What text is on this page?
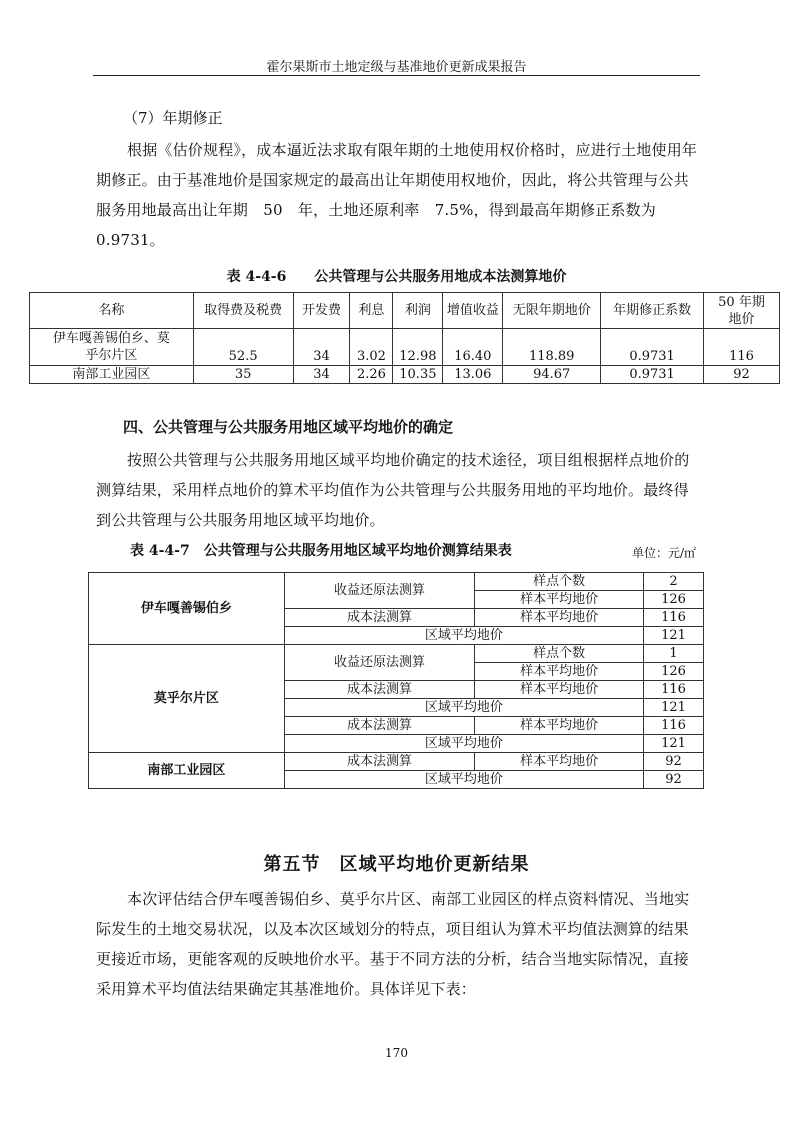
霍尔果斯市土地定级与基准地价更新成果报告
（7）年期修正
根据《估价规程》，成本逼近法求取有限年期的土地使用权价格时，应进行土地使用年期修正。由于基准地价是国家规定的最高出让年期使用权地价，因此，将公共管理与公共服务用地最高出让年期　50　年，土地还原利率　7.5%，得到最高年期修正系数为　0.9731。
表 4-4-6　　公共管理与公共服务用地成本法测算地价
名称	取得费及税费	开发费	利息	利润	增值收益	无限年期地价	年期修正系数	50 年期地价
伊车嘎善锡伯乡、莫乎尔片区	52.5	34	3.02	12.98	16.40	118.89	0.9731	116
南部工业园区	35	34	2.26	10.35	13.06	94.67	0.9731	92
四、公共管理与公共服务用地区域平均地价的确定
按照公共管理与公共服务用地区域平均地价确定的技术途径，项目组根据样点地价的测算结果，采用样点地价的算术平均值作为公共管理与公共服务用地的平均地价。最终得到公共管理与公共服务用地区域平均地价。
表 4-4-7　公共管理与公共服务用地区域平均地价测算结果表	单位：元/㎡
伊车嘎善锡伯乡	收益还原法测算	样点个数	2
		样本平均地价	126
	成本法测算	样本平均地价	116
	区域平均地价		121
莫乎尔片区	收益还原法测算	样点个数	1
		样本平均地价	126
	成本法测算	样本平均地价	116
	区域平均地价		121
	成本法测算	样本平均地价	116
	区域平均地价		121
南部工业园区	成本法测算	样本平均地价	92
	区域平均地价		92
第五节　区域平均地价更新结果
本次评估结合伊车嘎善锡伯乡、莫乎尔片区、南部工业园区的样点资料情况、当地实际发生的土地交易状况，以及本次区域划分的特点，项目组认为算术平均值法测算的结果更接近市场，更能客观的反映地价水平。基于不同方法的分析，结合当地实际情况，直接采用算术平均值法结果确定其基准地价。具体详见下表：
170
